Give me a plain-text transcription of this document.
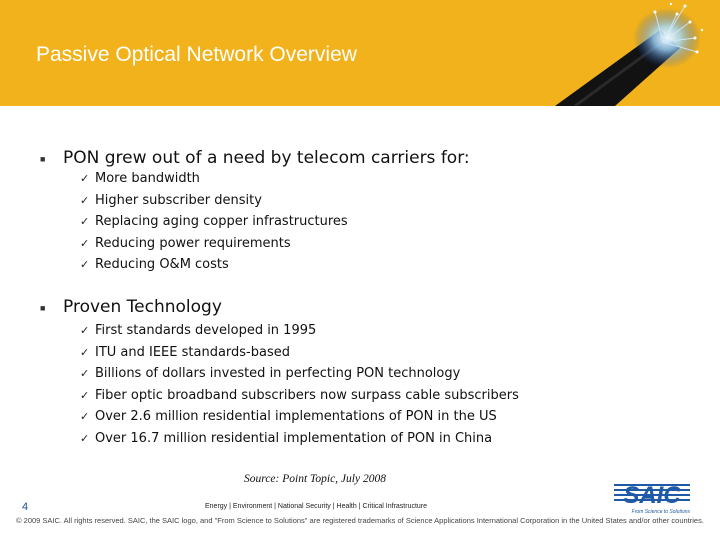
Passive Optical Network Overview
■ PON grew out of a need by telecom carriers for:
✓ More bandwidth
✓ Higher subscriber density
✓ Replacing aging copper infrastructures
✓ Reducing power requirements
✓ Reducing O&M costs
■ Proven Technology
✓ First standards developed in 1995
✓ ITU and IEEE standards-based
✓ Billions of dollars invested in perfecting PON technology
✓ Fiber optic broadband subscribers now surpass cable subscribers
✓ Over 2.6 million residential implementations of PON in the US
✓ Over 16.7 million residential implementation of PON in China
Source: Point Topic, July 2008
4	Energy | Environment | National Security | Health | Critical Infrastructure	SAIC
From Science to Solutions
© 2009 SAIC. All rights reserved. SAIC, the SAIC logo, and "From Science to Solutions" are registered trademarks of Science Applications International Corporation in the United States and/or other countries.
